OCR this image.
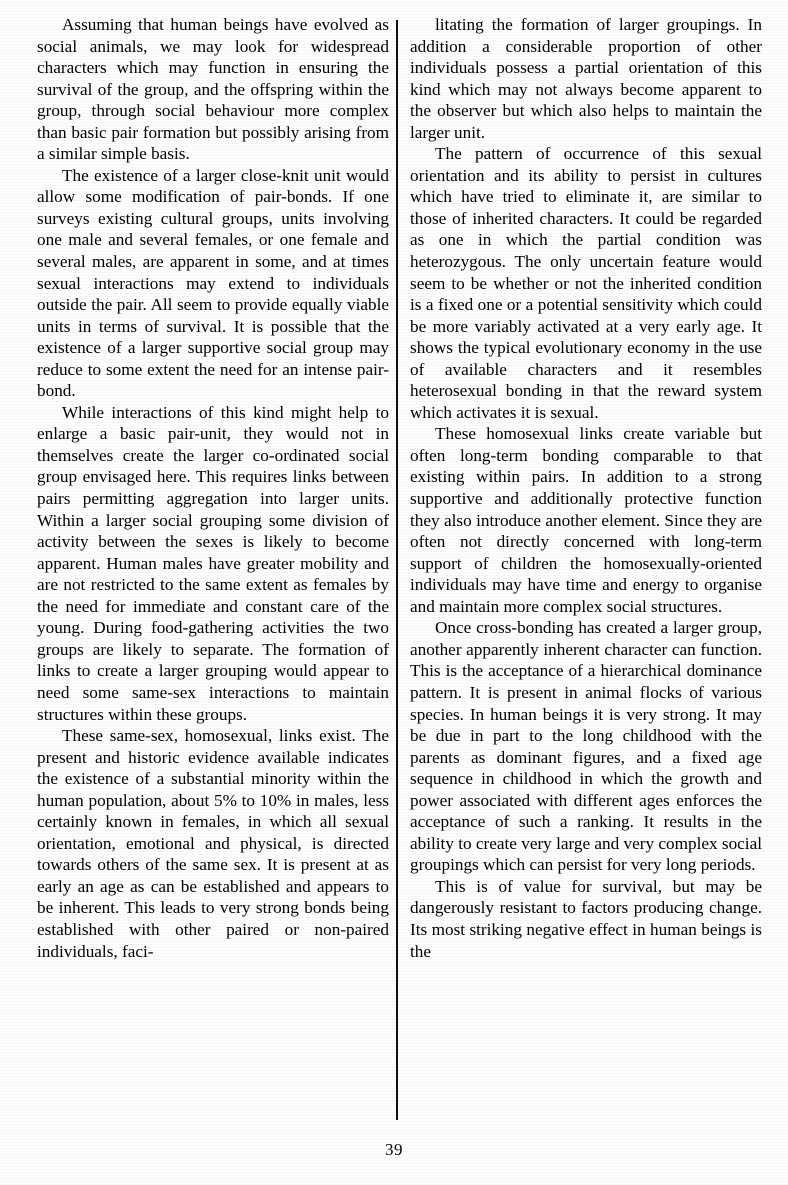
Assuming that human beings have evolved as social animals, we may look for widespread characters which may function in ensuring the survival of the group, and the offspring within the group, through social behaviour more complex than basic pair formation but possibly arising from a similar simple basis.

The existence of a larger close-knit unit would allow some modification of pair-bonds. If one surveys existing cultural groups, units involving one male and several females, or one female and several males, are apparent in some, and at times sexual interactions may extend to individuals outside the pair. All seem to provide equally viable units in terms of survival. It is possible that the existence of a larger supportive social group may reduce to some extent the need for an intense pair-bond.

While interactions of this kind might help to enlarge a basic pair-unit, they would not in themselves create the larger co-ordinated social group envisaged here. This requires links between pairs permitting aggregation into larger units. Within a larger social grouping some division of activity between the sexes is likely to become apparent. Human males have greater mobility and are not restricted to the same extent as females by the need for immediate and constant care of the young. During food-gathering activities the two groups are likely to separate. The formation of links to create a larger grouping would appear to need some same-sex interactions to maintain structures within these groups.

These same-sex, homosexual, links exist. The present and historic evidence available indicates the existence of a substantial minority within the human population, about 5% to 10% in males, less certainly known in females, in which all sexual orientation, emotional and physical, is directed towards others of the same sex. It is present at as early an age as can be established and appears to be inherent. This leads to very strong bonds being established with other paired or non-paired individuals, faci-

litating the formation of larger groupings. In addition a considerable proportion of other individuals possess a partial orientation of this kind which may not always become apparent to the observer but which also helps to maintain the larger unit.

The pattern of occurrence of this sexual orientation and its ability to persist in cultures which have tried to eliminate it, are similar to those of inherited characters. It could be regarded as one in which the partial condition was heterozygous. The only uncertain feature would seem to be whether or not the inherited condition is a fixed one or a potential sensitivity which could be more variably activated at a very early age. It shows the typical evolutionary economy in the use of available characters and it resembles heterosexual bonding in that the reward system which activates it is sexual.

These homosexual links create variable but often long-term bonding comparable to that existing within pairs. In addition to a strong supportive and additionally protective function they also introduce another element. Since they are often not directly concerned with long-term support of children the homosexually-oriented individuals may have time and energy to organise and maintain more complex social structures.

Once cross-bonding has created a larger group, another apparently inherent character can function. This is the acceptance of a hierarchical dominance pattern. It is present in animal flocks of various species. In human beings it is very strong. It may be due in part to the long childhood with the parents as dominant figures, and a fixed age sequence in childhood in which the growth and power associated with different ages enforces the acceptance of such a ranking. It results in the ability to create very large and very complex social groupings which can persist for very long periods.

This is of value for survival, but may be dangerously resistant to factors producing change. Its most striking negative effect in human beings is the

39
